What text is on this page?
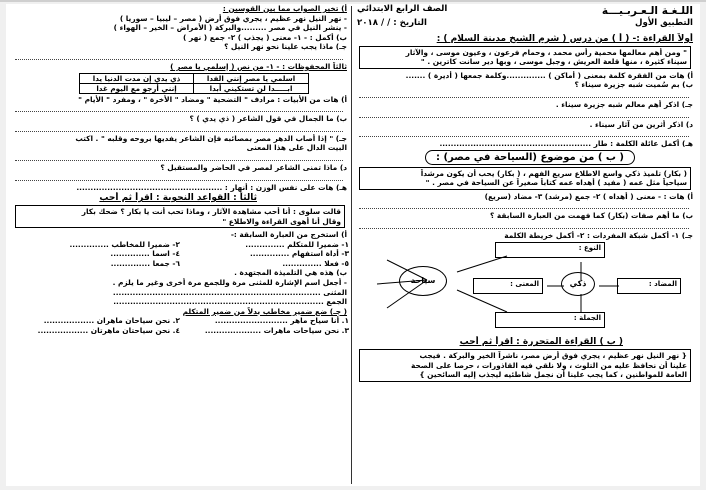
اللـغـة الـعـربـيـــة
الصف الرابع الابتدائي
التطبيق الأول
التاريخ : / / ٢٠١٨
أولاً القراءة :- ( أ ) من درس ( شرم الشيخ مدينة السلام ) :
" ومن أهم معالمها محمية رأس محمد ، وحمام فرعون ، وعيون موسى ، والآثار
سيناء كثيرة ، منها قلعة العريش ، وجبل موسى ، وبها دير سانت كاترين . "
أ) هات من الفقرة كلمة بمعنى ( أماكن ) ..............وكلمة جمعها ( أديرة ) .......
ب) بم سُميت شبه جزيرة سيناء ؟
جـ) اذكر أهم معالم شبه جزيرة سيناء .
د) اذكر أثرين من آثار سيناء .
هـ) أكمل عائلة الكلمة : طار ......................................................
( ب ) من موضوع (السياحة في مصر) :
( بكار) تلميذ ذكي واسع الاطلاع سريع الفهم ، ( بكار) يحب أن يكون مرشداً
سياحياً مثل عمه ( مفيد ) أهداه عمه كتاباً صغيراً عن السياحة في مصر . "
أ) هات : - معنى ( أهداه ) ٢- جمع (مرشد) ٣- مضاد (سريع)
ب) ما أهم صفات (بكار) كما فهمت من العبارة السابقة ؟
جـ) ١- أكمل شبكة المفردات : ٢- أكمل خريطة الكلمة
سياحة
النوع :
ذكي
المعنى :	المضاد :
الجملة :
( ب ) القراءة المتحررة : اقرأ ثم أجب
{ نهر النيل نهر عظيم ، يجري فوق أرض مصر، ناشراً الخير والبركة . فيجب
علينا أن نحافظ عليه من التلوث ، ولا نلقي فيه القاذورات ، حرصا على الصحة
العامة للمواطنين ، كما يجب علينا أن نجمل شاطئيه ليجذب إليه السائحين }
أ) تخير الصواب مما بين القوسين :
- نهر النيل نهر عظيم ، يجري فوق أرض ( مصر – ليبيا – سوريا )
- ينشر النيل في مصر .........والبركة ( الأمراض – الخير – الهواء )
ب) أكمل : - ١- معنى ( يجذب ) ٢- جمع ( نهر )
جـ) ماذا يجب علينا نحو نهر النيل ؟
ثالثاً المحفوظات : - ١- من نص ( إسلمي يا مصر )
اسلمي يا مصر إنني الفدا	ذي يدي إن مدت الدنيا يدا
ابـــــدا لن تستكيني أبدا	إنني أرجو مع اليوم غدا
أ) هات من الأبيات : مرادف " التضحية " ومضاد " الأخرة " ، ومفرد " الأيام "
ب) ما الجمال في قول الشاعر ( ذي يدي ) ؟
جـ) " إذا أصاب الدهر مصر بمصائبه فإن الشاعر يفديها بروحه وقلبه " . اكتب
البيت الدال على هذا المعنى
د) ماذا تمنى الشاعر لمصر في الحاضر والمستقبل ؟
هـ) هات على نفس الوزن : أنهار : ....................................................
ثالثاً : القواعد النحوية : اقرأ ثم أجب
قالت سلوى : أنا أحب مشاهدة الآثار ، وماذا تحب أنت يا بكار ؟ ضحك بكار
وقال أنا أهوى القراءة والاطلاع "
أ) استخرج من العبارة السابقة :-
١- ضميرا للمتكلم ..............
٢- ضميرا للمخاطب ..............
٣- أداة استفهام ..............
٤- اسما ..............
٥- فعلا ..............
٦- جمعا ..............
ب) هذه هي التلميذة المجتهدة .
- أجعل اسم الإشارة للمثنى مرة وللجمع مرة أخرى وغير ما يلزم .
المثنى ..........................................................................
الجمع ...........................................................................
( جـ) ضع ضمير مخاطب بدلاً من ضمير المتكلم
١. أنا سياح ماهر ..........................
٢. نحن سياحان ماهران ..................
٣. نحن سياحات ماهرات ....................
٤. نحن سياحتان ماهرتان ..................
